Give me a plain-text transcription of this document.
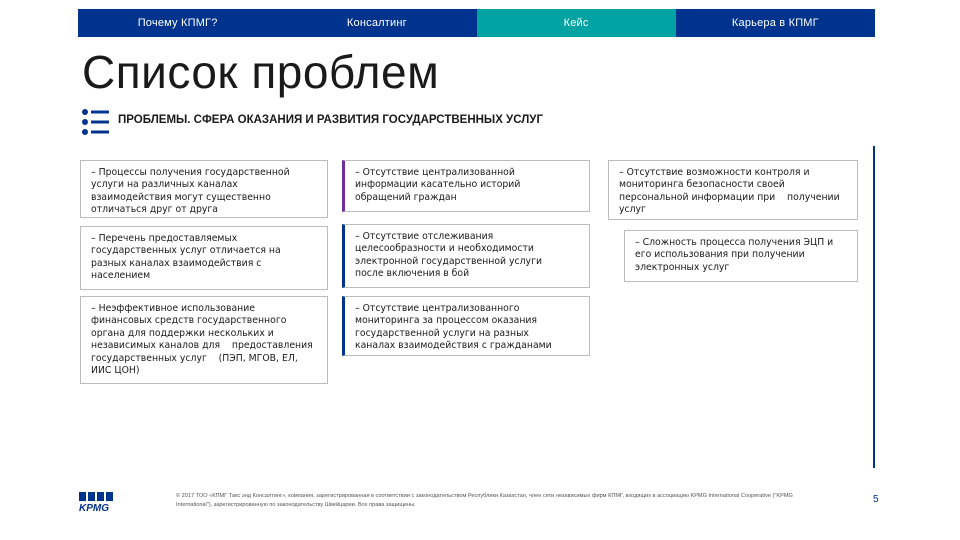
Почему КПМГ?	Консалтинг	Кейс	Карьера в КПМГ
Список проблем
ПРОБЛЕМЫ. СФЕРА ОКАЗАНИЯ И РАЗВИТИЯ ГОСУДАРСТВЕННЫХ УСЛУГ
– Процессы получения государственной    услуги на различных каналах    взаимодействия могут существенно    отличаться друг от друга
– Перечень предоставляемых    государственных услуг отличается на    разных каналах взаимодействия с    населением
– Неэффективное использование    финансовых средств государственного    органа для поддержки нескольких и    независимых каналов для    предоставления государственных услуг    (ПЭП, МГОВ, ЕЛ, ИИС ЦОН)
– Отсутствие централизованной    информации касательно историй    обращений граждан
– Отсутствие отслеживания    целесообразности и необходимости    электронной государственной услуги    после включения в бой
– Отсутствие централизованного    мониторинга за процессом оказания    государственной услуги на разных    каналах взаимодействия с гражданами
– Отсутствие возможности контроля и    мониторинга безопасности своей    персональной информации при    получении услуг
– Сложность процесса получения ЭЦП и    его использования при получении    электронных услуг
KPMG
© 2017 ТОО «КПМГ Такс энд Консалтинг», компания, зарегистрированная в соответствии с законодательством Республики Казахстан, член сети независимых фирм КПМГ, входящих в ассоциацию KPMG International Cooperative ("KPMG International"), зарегистрированную по законодательству Швейцарии. Все права защищены.	5
